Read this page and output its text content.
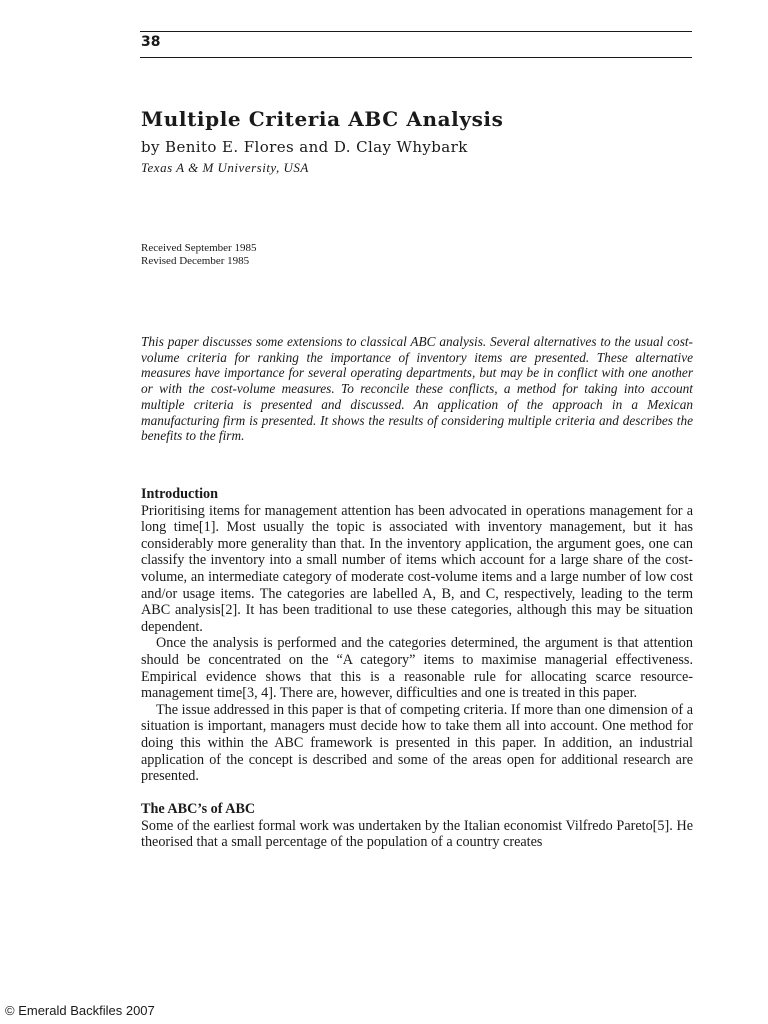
38
Multiple Criteria ABC Analysis

by Benito E. Flores and D. Clay Whybark

Texas A & M University, USA

Received September 1985
Revised December 1985

This paper discusses some extensions to classical ABC analysis. Several alternatives to the usual cost-volume criteria for ranking the importance of inventory items are presented. These alternative measures have importance for several operating departments, but may be in conflict with one another or with the cost-volume measures. To reconcile these conflicts, a method for taking into account multiple criteria is presented and discussed. An application of the approach in a Mexican manufacturing firm is presented. It shows the results of considering multiple criteria and describes the benefits to the firm.

Introduction

Prioritising items for management attention has been advocated in operations management for a long time[1]. Most usually the topic is associated with inventory management, but it has considerably more generality than that. In the inventory application, the argument goes, one can classify the inventory into a small number of items which account for a large share of the cost-volume, an intermediate category of moderate cost-volume items and a large number of low cost and/or usage items. The categories are labelled A, B, and C, respectively, leading to the term ABC analysis[2]. It has been traditional to use these categories, although this may be situation dependent.

Once the analysis is performed and the categories determined, the argument is that attention should be concentrated on the “A category” items to maximise managerial effectiveness. Empirical evidence shows that this is a reasonable rule for allocating scarce resource-management time[3, 4]. There are, however, difficulties and one is treated in this paper.

The issue addressed in this paper is that of competing criteria. If more than one dimension of a situation is important, managers must decide how to take them all into account. One method for doing this within the ABC framework is presented in this paper. In addition, an industrial application of the concept is described and some of the areas open for additional research are presented.

The ABC’s of ABC

Some of the earliest formal work was undertaken by the Italian economist Vilfredo Pareto[5]. He theorised that a small percentage of the population of a country creates

© Emerald Backfiles 2007
